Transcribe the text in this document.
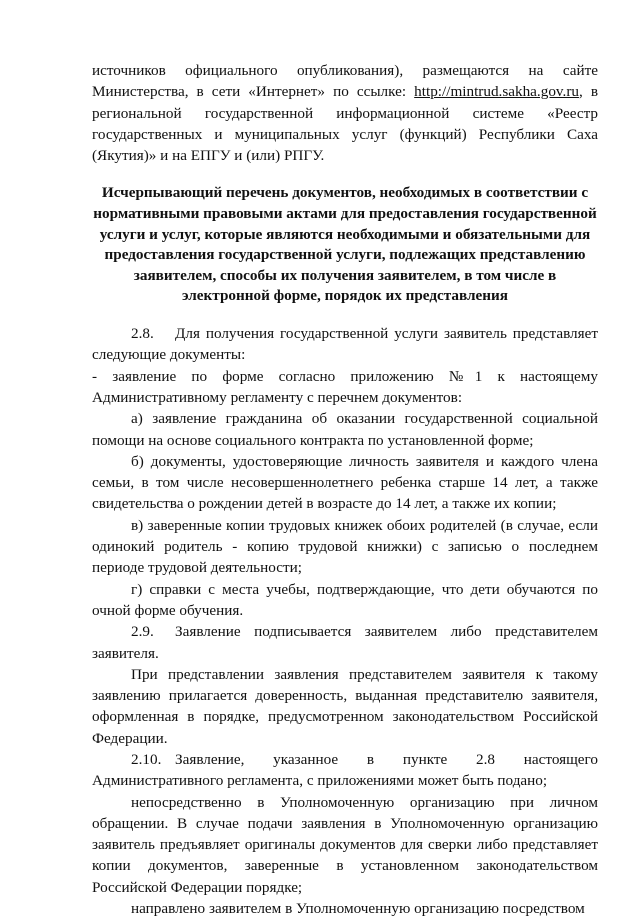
источников официального опубликования), размещаются на сайте Министерства, в сети «Интернет» по ссылке: http://mintrud.sakha.gov.ru, в региональной государственной информационной системе «Реестр государственных и муниципальных услуг (функций) Республики Саха (Якутия)» и на ЕПГУ и (или) РПГУ.

Исчерпывающий перечень документов, необходимых в соответствии с нормативными правовыми актами для предоставления государственной услуги и услуг, которые являются необходимыми и обязательными для предоставления государственной услуги, подлежащих представлению заявителем, способы их получения заявителем, в том числе в электронной форме, порядок их представления

2.8. Для получения государственной услуги заявитель представляет следующие документы:

- заявление по форме согласно приложению №1 к настоящему Административному регламенту с перечнем документов:

а) заявление гражданина об оказании государственной социальной помощи на основе социального контракта по установленной форме;

б) документы, удостоверяющие личность заявителя и каждого члена семьи, в том числе несовершеннолетнего ребенка старше 14 лет, а также свидетельства о рождении детей в возрасте до 14 лет, а также их копии;

в) заверенные копии трудовых книжек обоих родителей (в случае, если одинокий родитель - копию трудовой книжки) с записью о последнем периоде трудовой деятельности;

г) справки с места учебы, подтверждающие, что дети обучаются по очной форме обучения.

2.9. Заявление подписывается заявителем либо представителем заявителя.

При представлении заявления представителем заявителя к такому заявлению прилагается доверенность, выданная представителю заявителя, оформленная в порядке, предусмотренном законодательством Российской Федерации.

2.10. Заявление, указанное в пункте 2.8 настоящего Административного регламента, с приложениями может быть подано;

непосредственно в Уполномоченную организацию при личном обращении. В случае подачи заявления в Уполномоченную организацию заявитель предъявляет оригиналы документов для сверки либо представляет копии документов, заверенные в установленном законодательством Российской Федерации порядке;

направлено заявителем в Уполномоченную организацию посредством
